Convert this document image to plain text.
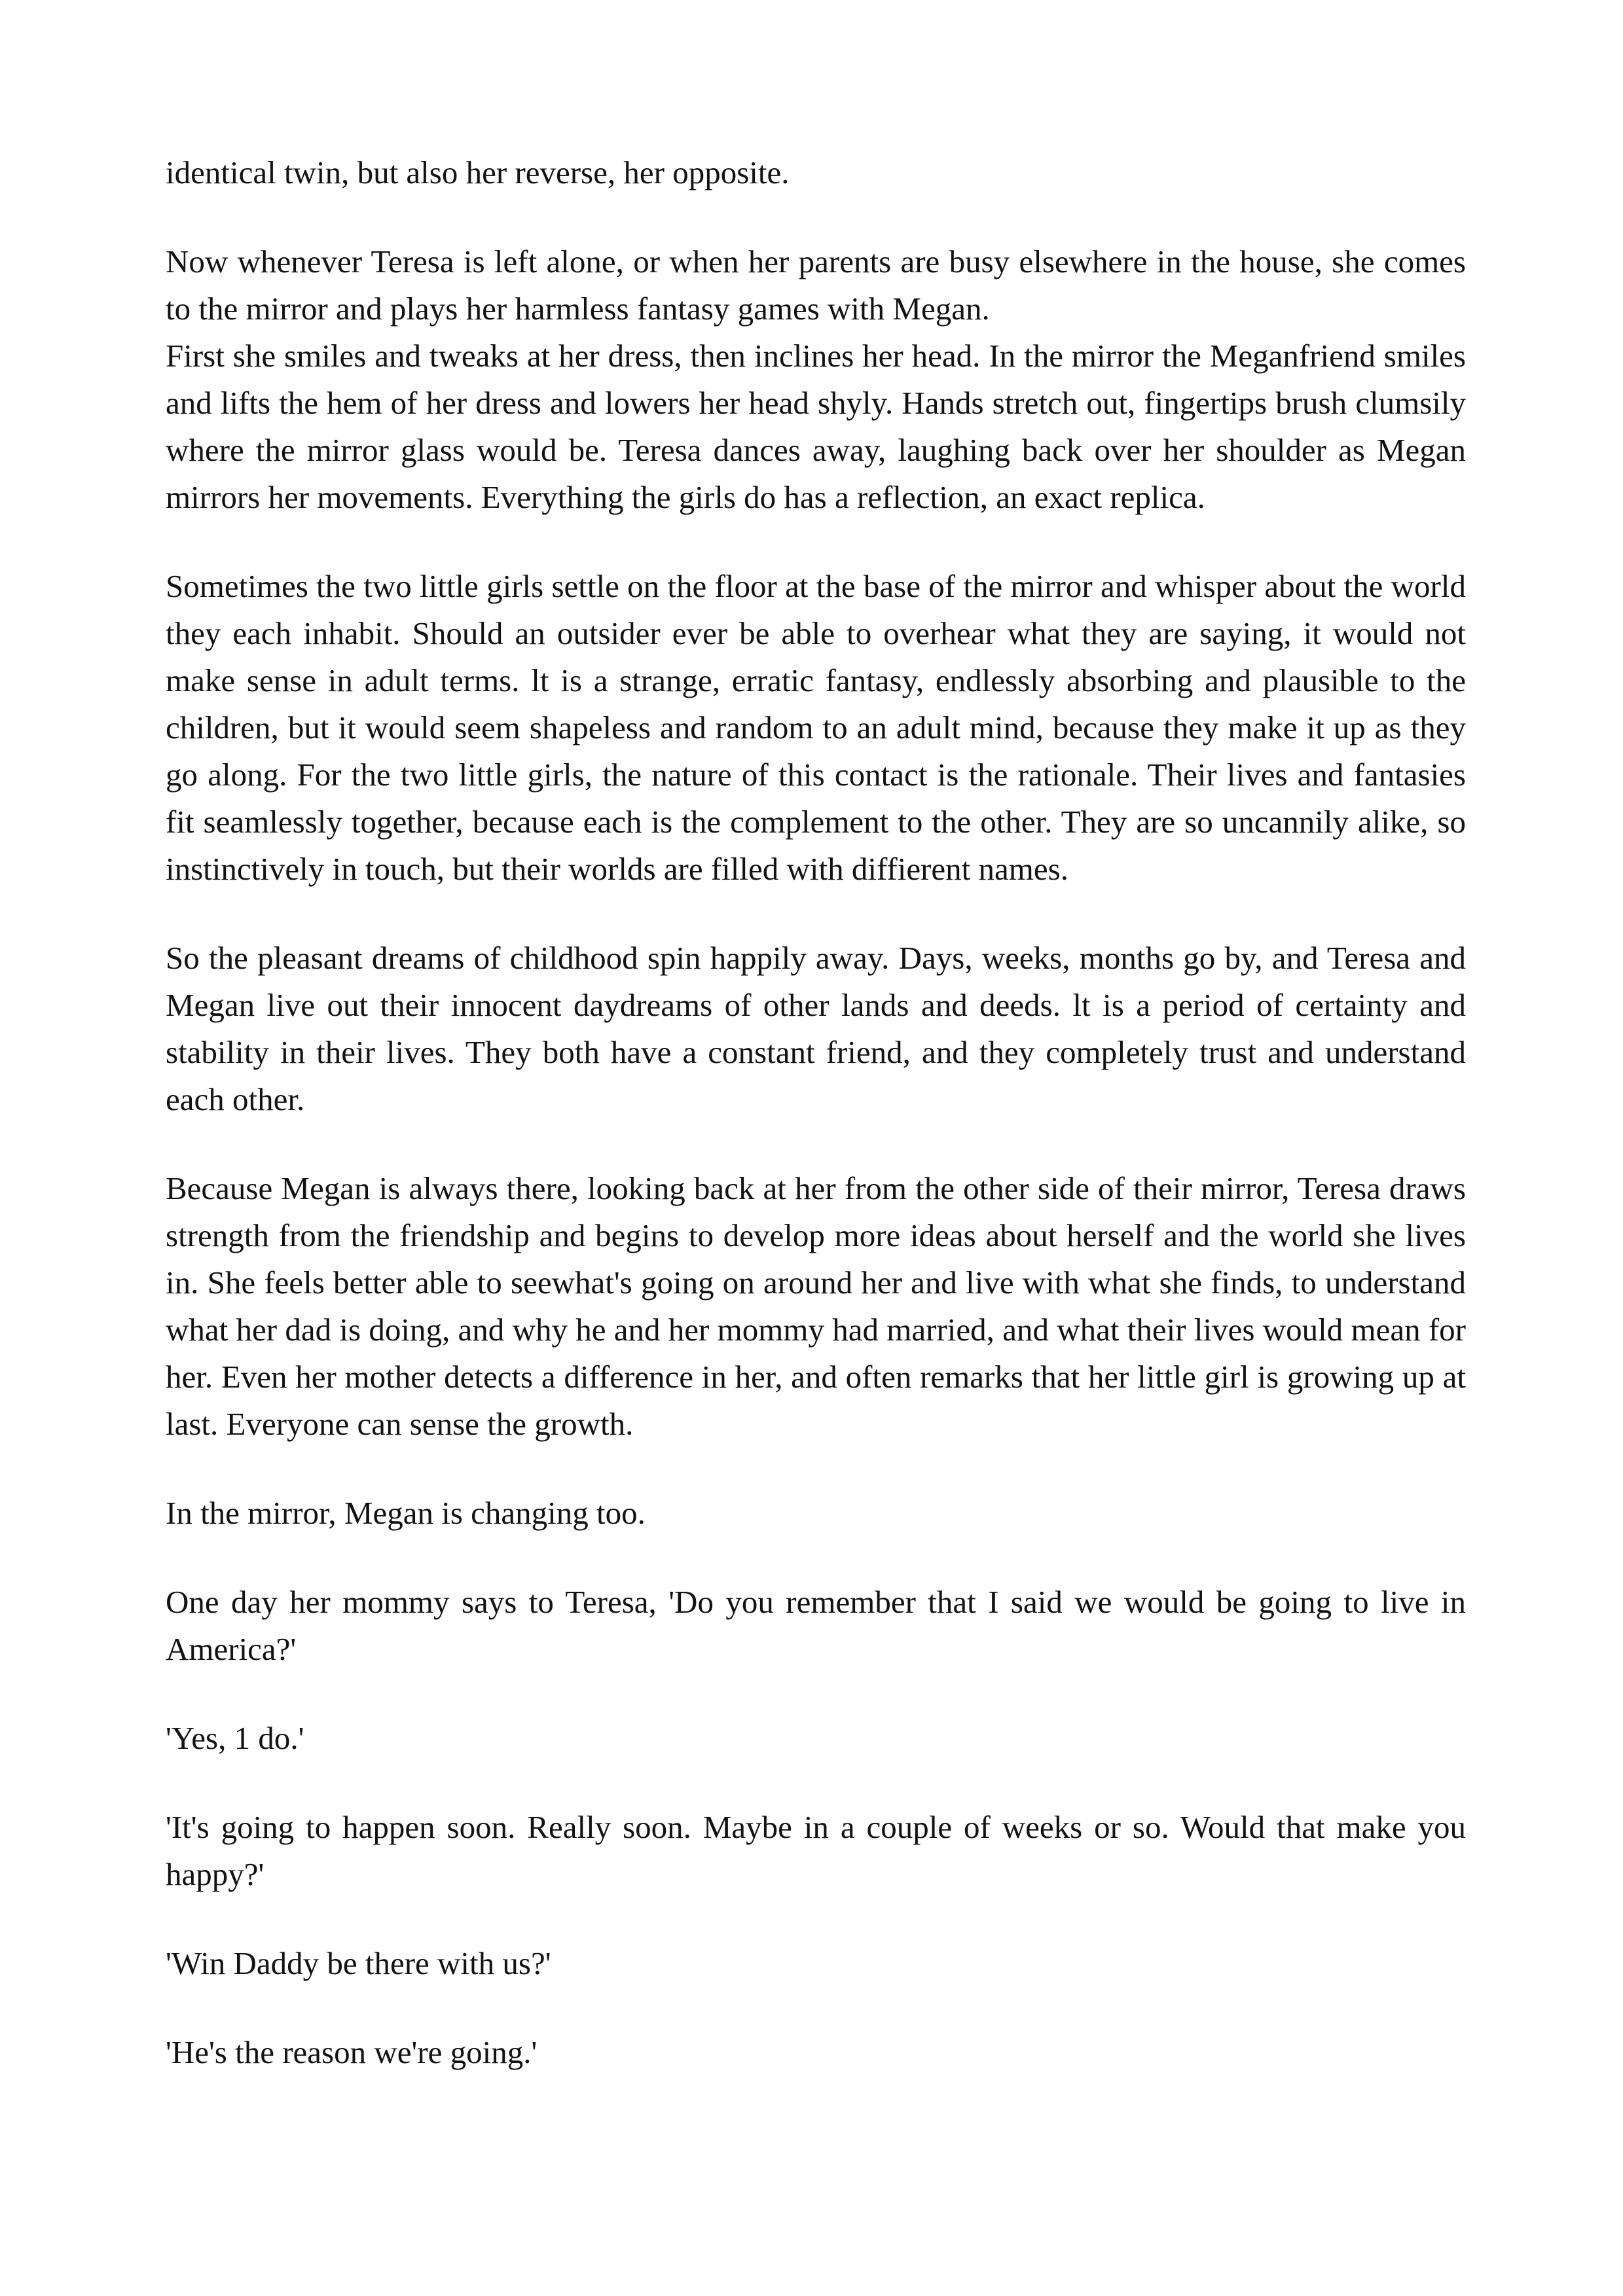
identical twin, but also her reverse, her opposite.

Now whenever Teresa is left alone, or when her parents are busy elsewhere in the house, she comes to the mirror and plays her harmless fantasy games with Megan.

First she smiles and tweaks at her dress, then inclines her head. In the mirror the Meganfriend smiles and lifts the hem of her dress and lowers her head shyly. Hands stretch out, fingertips brush clumsily where the mirror glass would be. Teresa dances away, laughing back over her shoulder as Megan mirrors her movements. Everything the girls do has a reflection, an exact replica.

Sometimes the two little girls settle on the floor at the base of the mirror and whisper about the world they each inhabit. Should an outsider ever be able to overhear what they are saying, it would not make sense in adult terms. lt is a strange, erratic fantasy, endlessly absorbing and plausible to the children, but it would seem shapeless and random to an adult mind, because they make it up as they go along. For the two little girls, the nature of this contact is the rationale. Their lives and fantasies fit seamlessly together, because each is the complement to the other. They are so uncannily alike, so instinctively in touch, but their worlds are filled with diffierent names.

So the pleasant dreams of childhood spin happily away. Days, weeks, months go by, and Teresa and Megan live out their innocent daydreams of other lands and deeds. lt is a period of certainty and stability in their lives. They both have a constant friend, and they completely trust and understand each other.

Because Megan is always there, looking back at her from the other side of their mirror, Teresa draws strength from the friendship and begins to develop more ideas about herself and the world she lives in. She feels better able to seewhat's going on around her and live with what she finds, to understand what her dad is doing, and why he and her mommy had married, and what their lives would mean for her. Even her mother detects a difference in her, and often remarks that her little girl is growing up at last. Everyone can sense the growth.

In the mirror, Megan is changing too.

One day her mommy says to Teresa, 'Do you remember that I said we would be going to live in America?'

'Yes, 1 do.'

'It's going to happen soon. Really soon. Maybe in a couple of weeks or so. Would that make you happy?'

'Win Daddy be there with us?'

'He's the reason we're going.'
